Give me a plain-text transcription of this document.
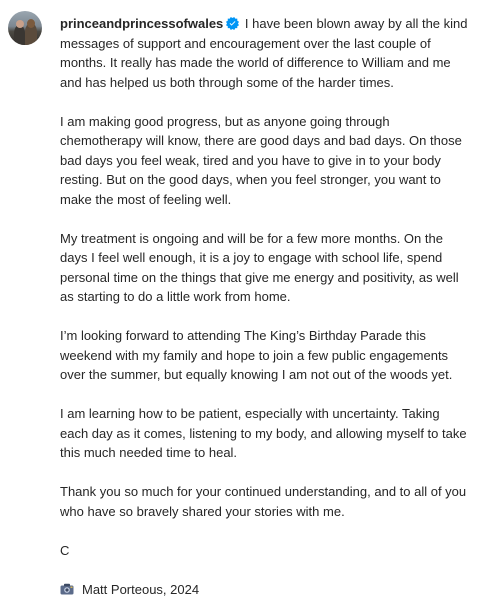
princeandprincessofwales I have been blown away by all the kind messages of support and encouragement over the last couple of months. It really has made the world of difference to William and me and has helped us both through some of the harder times.

I am making good progress, but as anyone going through chemotherapy will know, there are good days and bad days. On those bad days you feel weak, tired and you have to give in to your body resting. But on the good days, when you feel stronger, you want to make the most of feeling well.

My treatment is ongoing and will be for a few more months. On the days I feel well enough, it is a joy to engage with school life, spend personal time on the things that give me energy and positivity, as well as starting to do a little work from home.

I’m looking forward to attending The King’s Birthday Parade this weekend with my family and hope to join a few public engagements over the summer, but equally knowing I am not out of the woods yet.

I am learning how to be patient, especially with uncertainty. Taking each day as it comes, listening to my body, and allowing myself to take this much needed time to heal.

Thank you so much for your continued understanding, and to all of you who have so bravely shared your stories with me.

C
Matt Porteous, 2024
